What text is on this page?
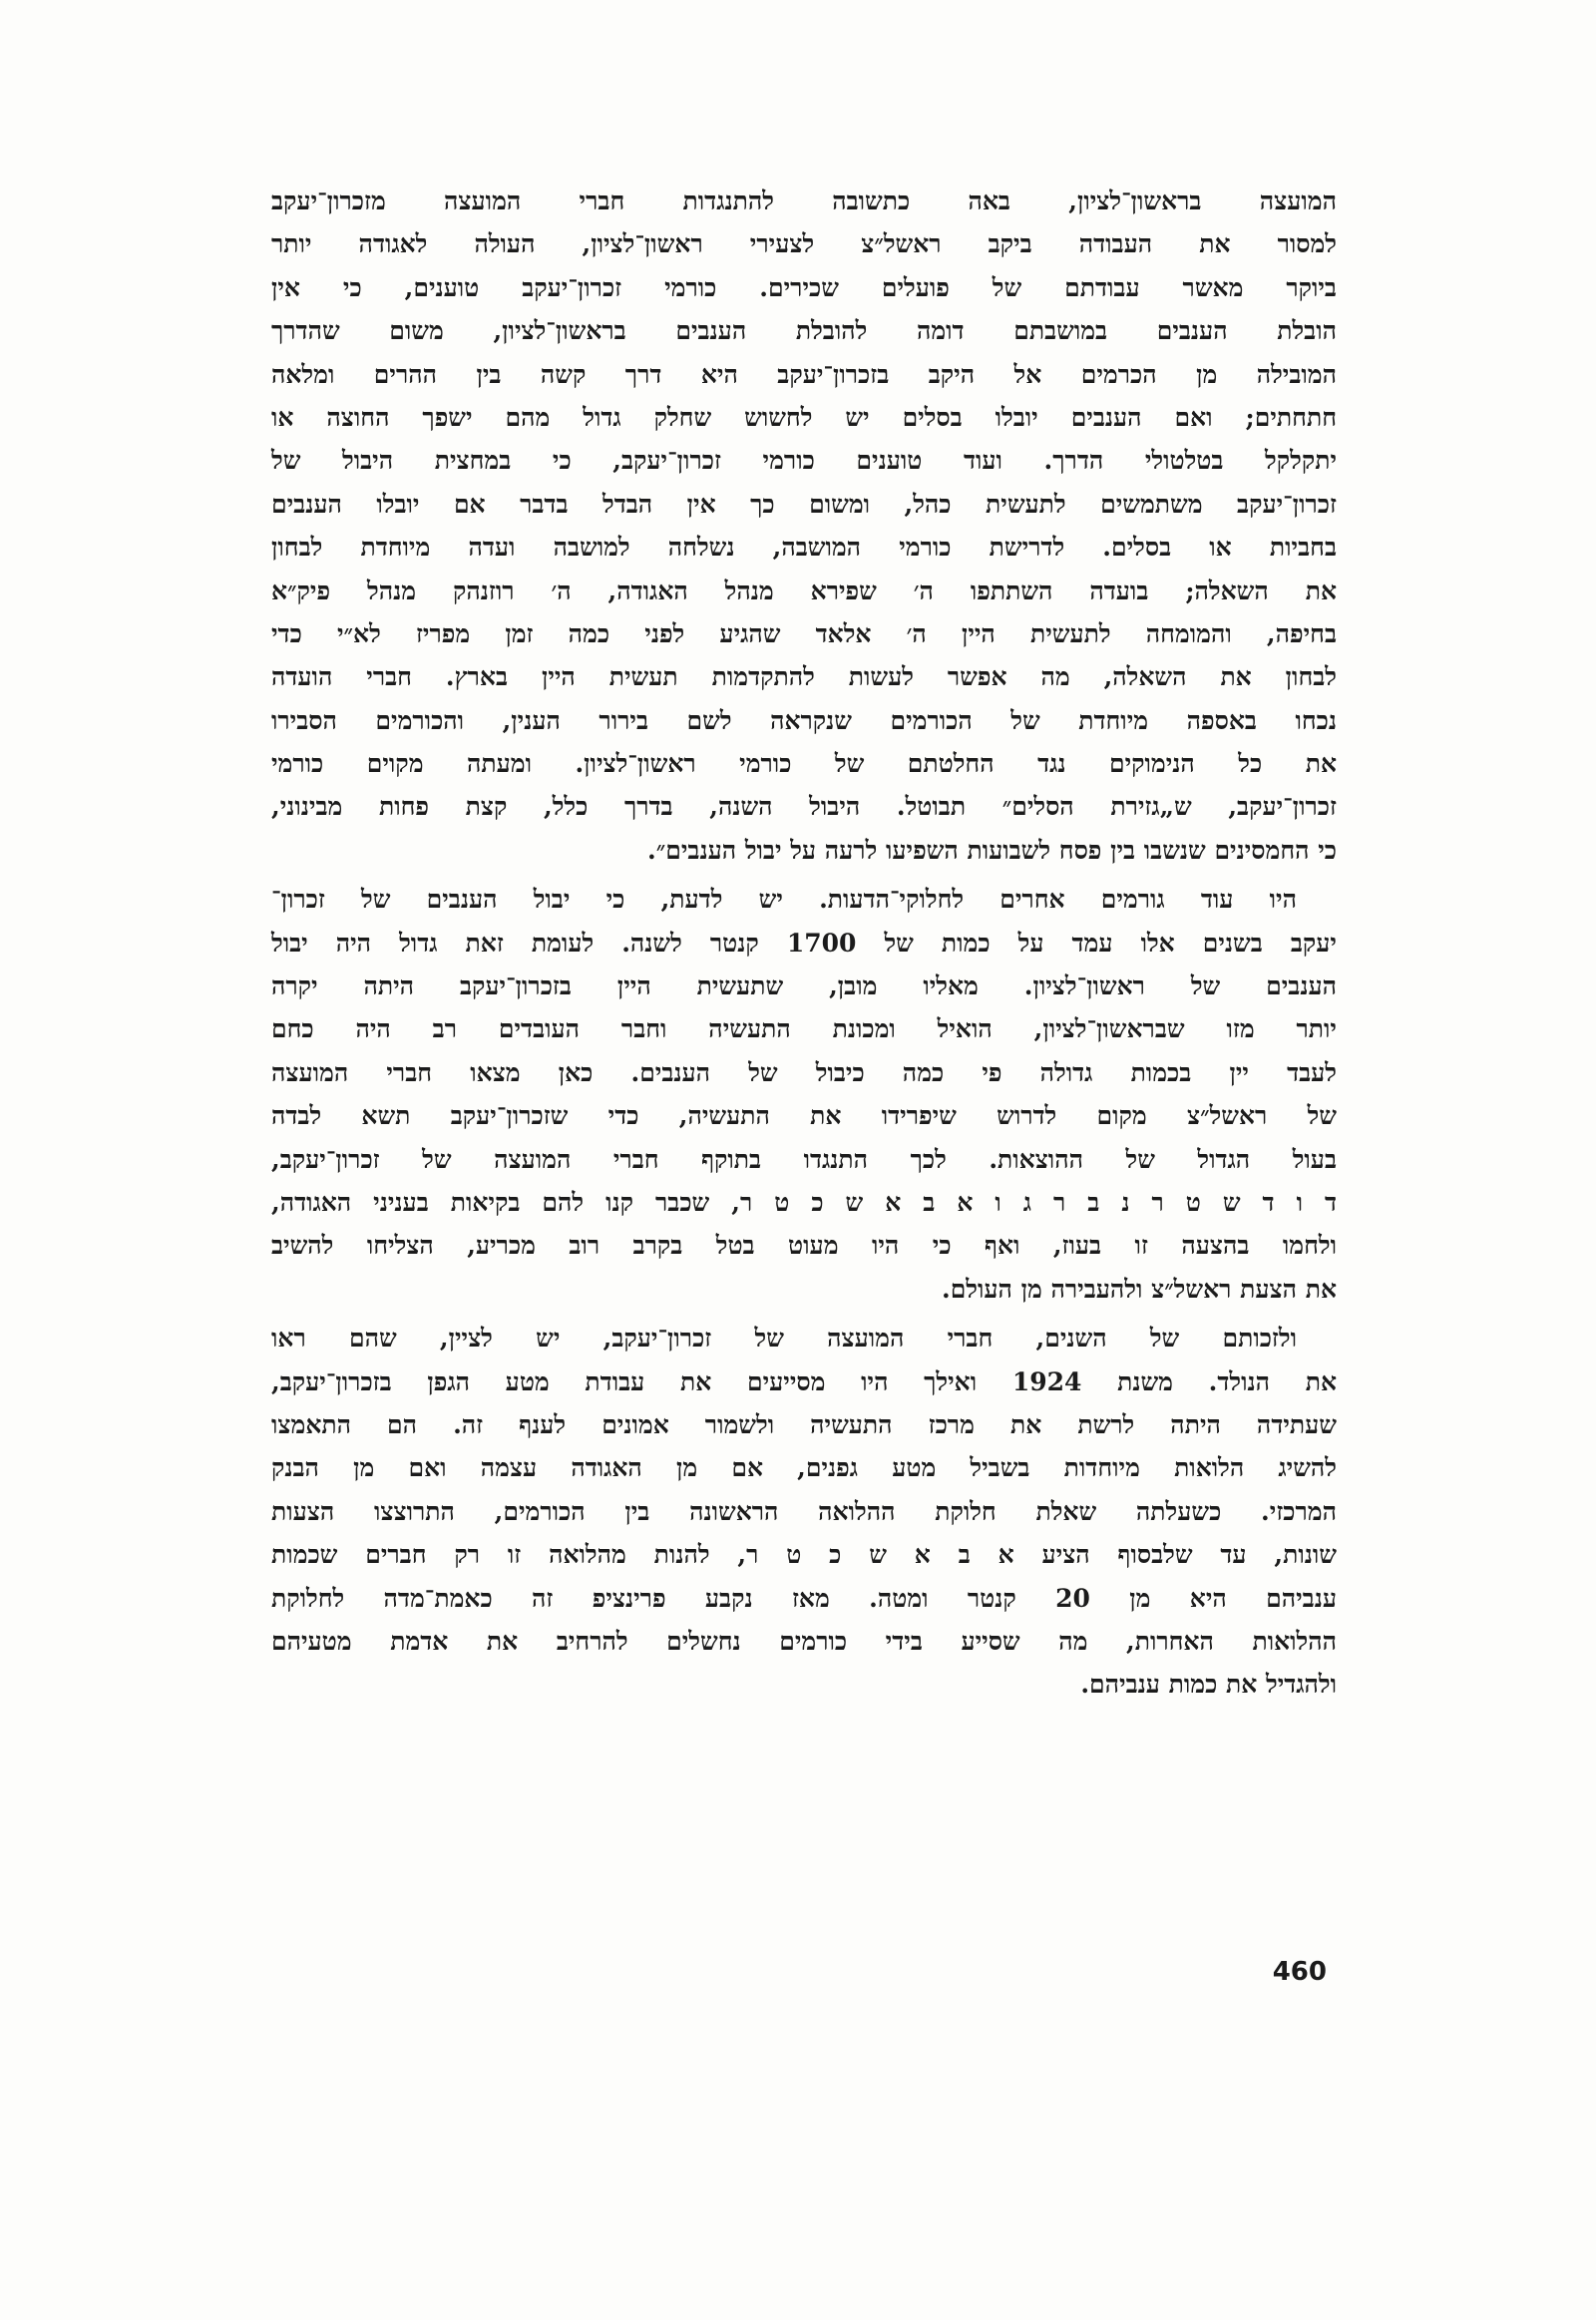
המועצה בראשון־לציון, באה כתשובה להתנגדות חברי המועצה מזכרון־יעקב
למסור את העבודה ביקב ראשל״צ לצעירי ראשון־לציון, העולה לאגודה יותר
ביוקר מאשר עבודתם של פועלים שכירים. כורמי זכרון־יעקב טוענים, כי אין
הובלת הענבים במושבתם דומה להובלת הענבים בראשון־לציון, משום שהדרך
המובילה מן הכרמים אל היקב בזכרון־יעקב היא דרך קשה בין ההרים ומלאה
חתחתים; ואם הענבים יובלו בסלים יש לחשוש שחלק גדול מהם ישפך החוצה או
יתקלקל בטלטולי הדרך. ועוד טוענים כורמי זכרון־יעקב, כי במחצית היבול של
זכרון־יעקב משתמשים לתעשית כהל, ומשום כך אין הבדל בדבר אם יובלו הענבים
בחביות או בסלים. לדרישת כורמי המושבה, נשלחה למושבה ועדה מיוחדת לבחון
את השאלה; בועדה השתתפו ה׳ שפירא מנהל האגודה, ה׳ רוזנהק מנהל פיק״א
בחיפה, והמומחה לתעשית היין ה׳ אלאד שהגיע לפני כמה זמן מפריז לא״י כדי
לבחון את השאלה, מה אפשר לעשות להתקדמות תעשית היין בארץ. חברי הועדה
נכחו באספה מיוחדת של הכורמים שנקראה לשם בירור הענין, והכורמים הסבירו
את כל הנימוקים נגד החלטתם של כורמי ראשון־לציון. ומעתה מקוים כורמי
זכרון־יעקב, ש„גזירת הסלים״ תבוטל. היבול השנה, בדרך כלל, קצת פחות מבינוני,
כי החמסינים שנשבו בין פסח לשבועות השפיעו לרעה על יבול הענבים״.
היו עוד גורמים אחרים לחלוקי־הדעות. יש לדעת, כי יבול הענבים של זכרון־
יעקב בשנים אלו עמד על כמות של 1700 קנטר לשנה. לעומת זאת גדול היה יבול
הענבים של ראשון־לציון. מאליו מובן, שתעשית היין בזכרון־יעקב היתה יקרה
יותר מזו שבראשון־לציון, הואיל ומכונת התעשיה וחבר העובדים רב היה כחם
לעבד יין בכמות גדולה פי כמה כיבול של הענבים. כאן מצאו חברי המועצה
של ראשל״צ מקום לדרוש שיפרידו את התעשיה, כדי שזכרון־יעקב תשא לבדה
בעול הגדול של ההוצאות. לכך התנגדו בתוקף חברי המועצה של זכרון־יעקב,
ד ו ד ש ט ר נ ב ר ג ו א ב א ש כ ט ר, שכבר קנו להם בקיאות בעניני האגודה,
ולחמו בהצעה זו בעוז, ואף כי היו מעוט בטל בקרב רוב מכריע, הצליחו להשיב
את הצעת ראשל״צ ולהעבירה מן העולם.
ולזכותם של השנים, חברי המועצה של זכרון־יעקב, יש לציין, שהם ראו
את הנולד. משנת 1924 ואילך היו מסייעים את עבודת מטע הגפן בזכרון־יעקב,
שעתידה היתה לרשת את מרכז התעשיה ולשמור אמונים לענף זה. הם התאמצו
להשיג הלואות מיוחדות בשביל מטע גפנים, אם מן האגודה עצמה ואם מן הבנק
המרכזי. כשעלתה שאלת חלוקת ההלואה הראשונה בין הכורמים, התרוצצו הצעות
שונות, עד שלבסוף הציע א ב א ש כ ט ר, להנות מהלואה זו רק חברים שכמות
ענביהם היא מן 20 קנטר ומטה. מאז נקבע פרינציפ זה כאמת־מדה לחלוקת
ההלואות האחרות, מה שסייע בידי כורמים נחשלים להרחיב את אדמת מטעיהם
ולהגדיל את כמות ענביהם.
460
